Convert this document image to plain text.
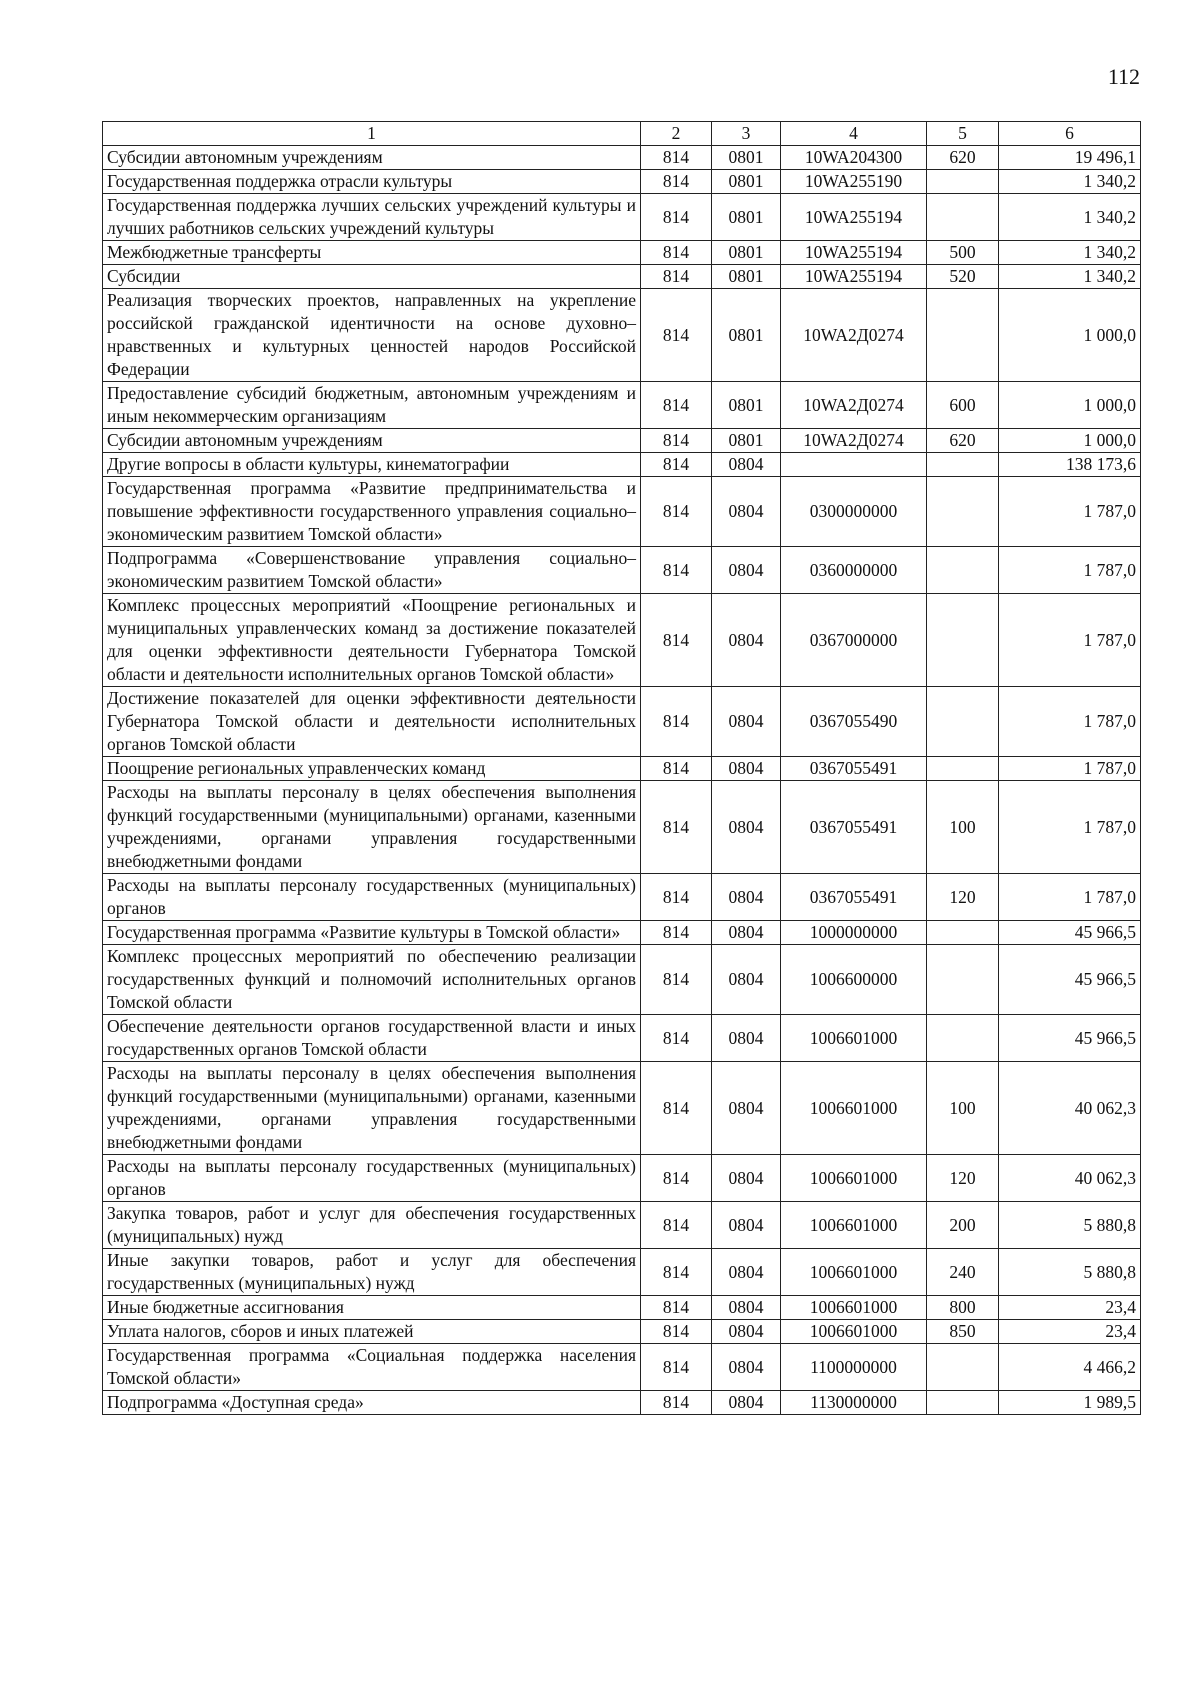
112
1	2	3	4	5	6
Субсидии автономным учреждениям	814	0801	10WA204300	620	19 496,1
Государственная поддержка отрасли культуры	814	0801	10WA255190		1 340,2
Государственная поддержка лучших сельских учреждений культуры и лучших работников сельских учреждений культуры	814	0801	10WA255194		1 340,2
Межбюджетные трансферты	814	0801	10WA255194	500	1 340,2
Субсидии	814	0801	10WA255194	520	1 340,2
Реализация творческих проектов, направленных на укрепление российской гражданской идентичности на основе духовно–нравственных и культурных ценностей народов Российской Федерации	814	0801	10WA2Д0274		1 000,0
Предоставление субсидий бюджетным, автономным учреждениям и иным некоммерческим организациям	814	0801	10WA2Д0274	600	1 000,0
Субсидии автономным учреждениям	814	0801	10WA2Д0274	620	1 000,0
Другие вопросы в области культуры, кинематографии	814	0804			138 173,6
Государственная программа «Развитие предпринимательства и повышение эффективности государственного управления социально–экономическим развитием Томской области»	814	0804	0300000000		1 787,0
Подпрограмма «Совершенствование управления социально–экономическим развитием Томской области»	814	0804	0360000000		1 787,0
Комплекс процессных мероприятий «Поощрение региональных и муниципальных управленческих команд за достижение показателей для оценки эффективности деятельности Губернатора Томской области и деятельности исполнительных органов Томской области»	814	0804	0367000000		1 787,0
Достижение показателей для оценки эффективности деятельности Губернатора Томской области и деятельности исполнительных органов Томской области	814	0804	0367055490		1 787,0
Поощрение региональных управленческих команд	814	0804	0367055491		1 787,0
Расходы на выплаты персоналу в целях обеспечения выполнения функций государственными (муниципальными) органами, казенными учреждениями, органами управления государственными внебюджетными фондами	814	0804	0367055491	100	1 787,0
Расходы на выплаты персоналу государственных (муниципальных) органов	814	0804	0367055491	120	1 787,0
Государственная программа «Развитие культуры в Томской области»	814	0804	1000000000		45 966,5
Комплекс процессных мероприятий по обеспечению реализации государственных функций и полномочий исполнительных органов Томской области	814	0804	1006600000		45 966,5
Обеспечение деятельности органов государственной власти и иных государственных органов Томской области	814	0804	1006601000		45 966,5
Расходы на выплаты персоналу в целях обеспечения выполнения функций государственными (муниципальными) органами, казенными учреждениями, органами управления государственными внебюджетными фондами	814	0804	1006601000	100	40 062,3
Расходы на выплаты персоналу государственных (муниципальных) органов	814	0804	1006601000	120	40 062,3
Закупка товаров, работ и услуг для обеспечения государственных (муниципальных) нужд	814	0804	1006601000	200	5 880,8
Иные закупки товаров, работ и услуг для обеспечения государственных (муниципальных) нужд	814	0804	1006601000	240	5 880,8
Иные бюджетные ассигнования	814	0804	1006601000	800	23,4
Уплата налогов, сборов и иных платежей	814	0804	1006601000	850	23,4
Государственная программа «Социальная поддержка населения Томской области»	814	0804	1100000000		4 466,2
Подпрограмма «Доступная среда»	814	0804	1130000000		1 989,5
